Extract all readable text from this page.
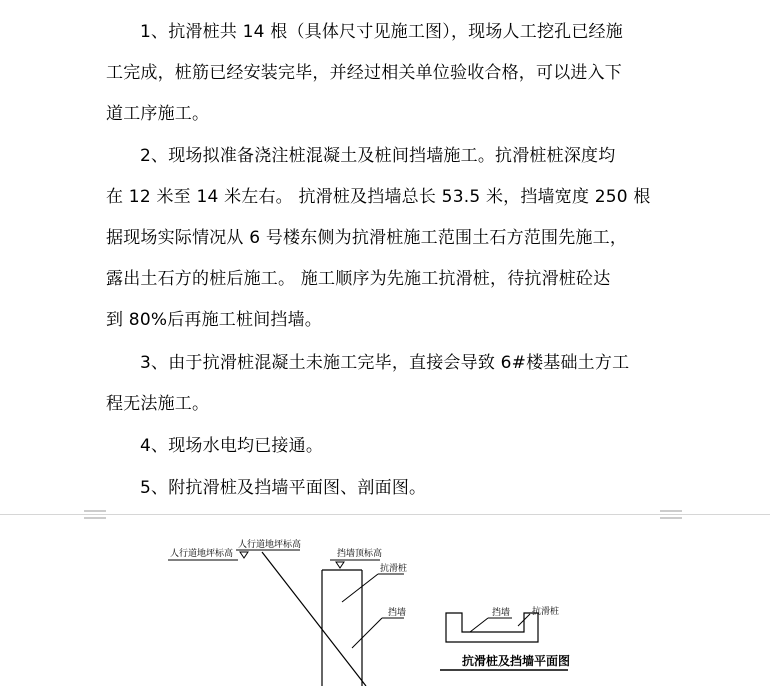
1、抗滑桩共 14 根（具体尺寸见施工图），现场人工挖孔已经施
工完成，桩筋已经安装完毕，并经过相关单位验收合格，可以进入下
道工序施工。
2、现场拟准备浇注桩混凝土及桩间挡墙施工。抗滑桩桩深度均
在 12 米至 14 米左右。 抗滑桩及挡墙总长 53.5 米，挡墙宽度 250 根
据现场实际情况从 6 号楼东侧为抗滑桩施工范围土石方范围先施工，
露出土石方的桩后施工。 施工顺序为先施工抗滑桩，待抗滑桩砼达
到 80%后再施工桩间挡墙。
3、由于抗滑桩混凝土未施工完毕，直接会导致 6#楼基础土方工
程无法施工。
4、现场水电均已接通。
5、附抗滑桩及挡墙平面图、剖面图。
人行道地坪标高
人行道地坪标高
挡墙顶标高
抗滑桩
挡墙	挡墙 抗滑桩
抗滑桩及挡墙平面图
